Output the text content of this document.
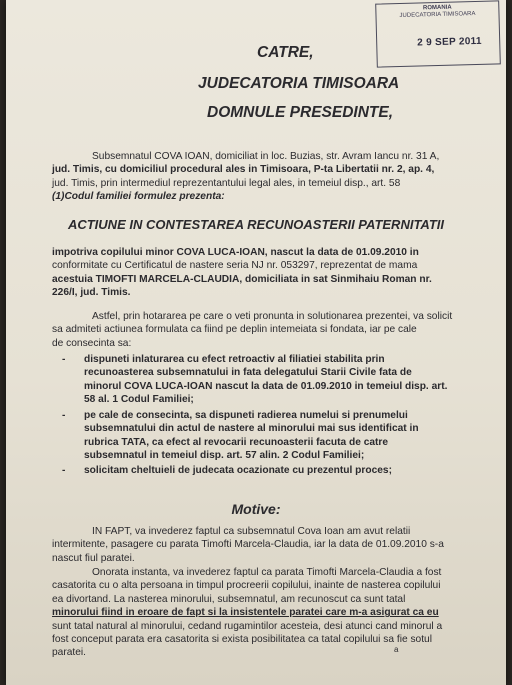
ROMANIA
JUDECATORIA TIMISOARA
2 9 SEP 2011
CATRE,
JUDECATORIA TIMISOARA
DOMNULE PRESEDINTE,
Subsemnatul COVA IOAN, domiciliat in loc. Buzias, str. Avram Iancu nr. 31 A,
jud. Timis, cu domiciliul procedural ales in Timisoara, P-ta Libertatii nr. 2, ap. 4,
jud. Timis, prin intermediul reprezentantului legal ales, in temeiul disp., art. 58
(1)Codul familiei formulez prezenta:
ACTIUNE IN CONTESTAREA RECUNOASTERII PATERNITATII
impotriva copilului minor COVA LUCA-IOAN, nascut la data de 01.09.2010 in
conformitate cu Certificatul de nastere seria NJ nr. 053297, reprezentat de mama
acestuia TIMOFTI MARCELA-CLAUDIA, domiciliata in sat Sinmihaiu Roman nr.
226/I, jud. Timis.
Astfel, prin hotararea pe care o veti pronunta in solutionarea prezentei, va solicit
sa admiteti actiunea formulata ca fiind pe deplin intemeiata si fondata, iar pe cale
de consecinta sa:
- dispuneti inlaturarea cu efect retroactiv al filiatiei stabilita prin
recunoasterea subsemnatului in fata delegatului Starii Civile fata de
minorul COVA LUCA-IOAN nascut la data de 01.09.2010 in temeiul disp. art.
58 al. 1 Codul Familiei;
- pe cale de consecinta, sa dispuneti radierea numelui si prenumelui
subsemnatului din actul de nastere al minorului mai sus identificat in
rubrica TATA, ca efect al revocarii recunoasterii facuta de catre
subsemnatul in temeiul disp. art. 57 alin. 2 Codul Familiei;
- solicitam cheltuieli de judecata ocazionate cu prezentul proces;
Motive:
IN FAPT, va invederez faptul ca subsemnatul Cova Ioan am avut relatii
intermitente, pasagere cu parata Timofti Marcela-Claudia, iar la data de 01.09.2010 s-a
nascut fiul paratei.
Onorata instanta, va invederez faptul ca parata Timofti Marcela-Claudia a fost
casatorita cu o alta persoana in timpul procreerii copilului, inainte de nasterea copilului
ea divortand. La nasterea minorului, subsemnatul, am recunoscut ca sunt tatal
minorului fiind in eroare de fapt si la insistentele paratei care m-a asigurat ca eu
sunt tatal natural al minorului, cedand rugamintilor acesteia, desi atunci cand minorul a
fost conceput parata era casatorita si exista posibilitatea ca tatal copilului sa fie sotul
paratei.	a
